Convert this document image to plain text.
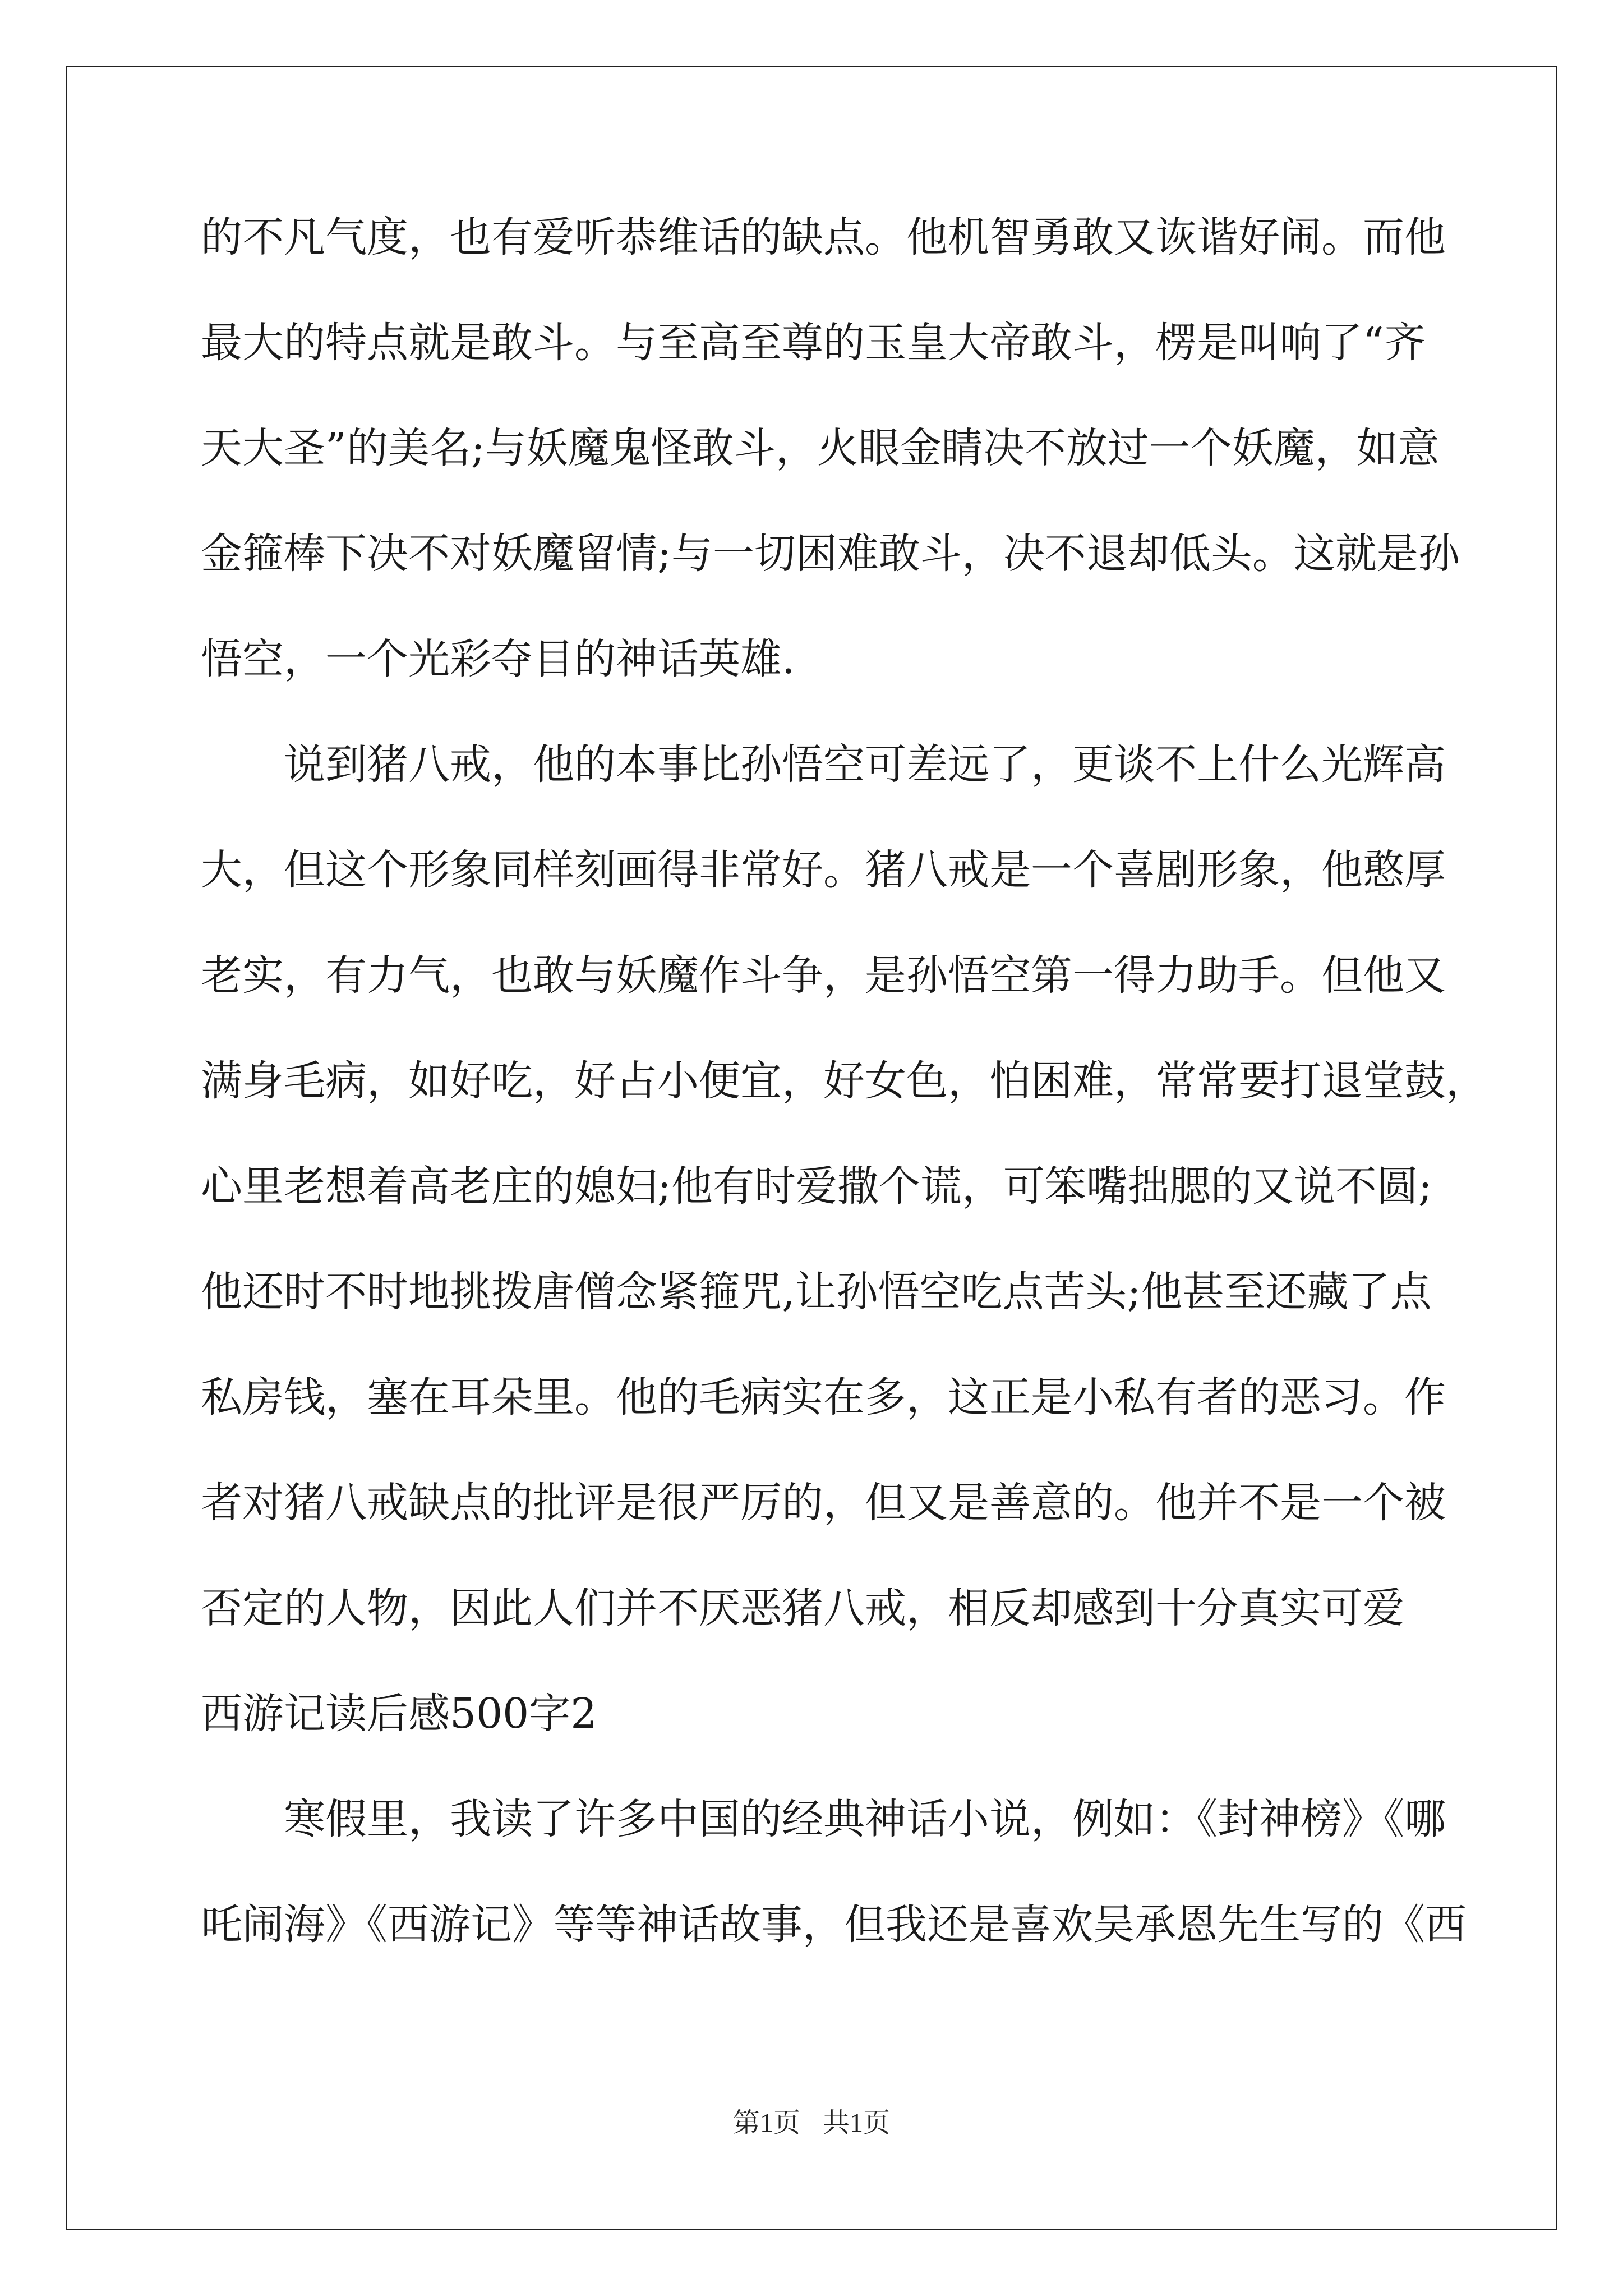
的不凡气度，也有爱听恭维话的缺点。他机智勇敢又诙谐好闹。而他
最大的特点就是敢斗。与至高至尊的玉皇大帝敢斗，楞是叫响了“齐
天大圣”的美名;与妖魔鬼怪敢斗，火眼金睛决不放过一个妖魔，如意
金箍棒下决不对妖魔留情;与一切困难敢斗，决不退却低头。这就是孙
悟空，一个光彩夺目的神话英雄.
说到猪八戒，他的本事比孙悟空可差远了，更谈不上什么光辉高
大，但这个形象同样刻画得非常好。猪八戒是一个喜剧形象，他憨厚
老实，有力气，也敢与妖魔作斗争，是孙悟空第一得力助手。但他又
满身毛病，如好吃，好占小便宜，好女色，怕困难，常常要打退堂鼓，
心里老想着高老庄的媳妇;他有时爱撒个谎，可笨嘴拙腮的又说不圆;
他还时不时地挑拨唐僧念紧箍咒,让孙悟空吃点苦头;他甚至还藏了点
私房钱，塞在耳朵里。他的毛病实在多，这正是小私有者的恶习。作
者对猪八戒缺点的批评是很严厉的，但又是善意的。他并不是一个被
否定的人物，因此人们并不厌恶猪八戒，相反却感到十分真实可爱
西游记读后感500字2
寒假里，我读了许多中国的经典神话小说，例如：《封神榜》《哪
吒闹海》《西游记》等等神话故事，但我还是喜欢吴承恩先生写的《西
第1页 共1页
